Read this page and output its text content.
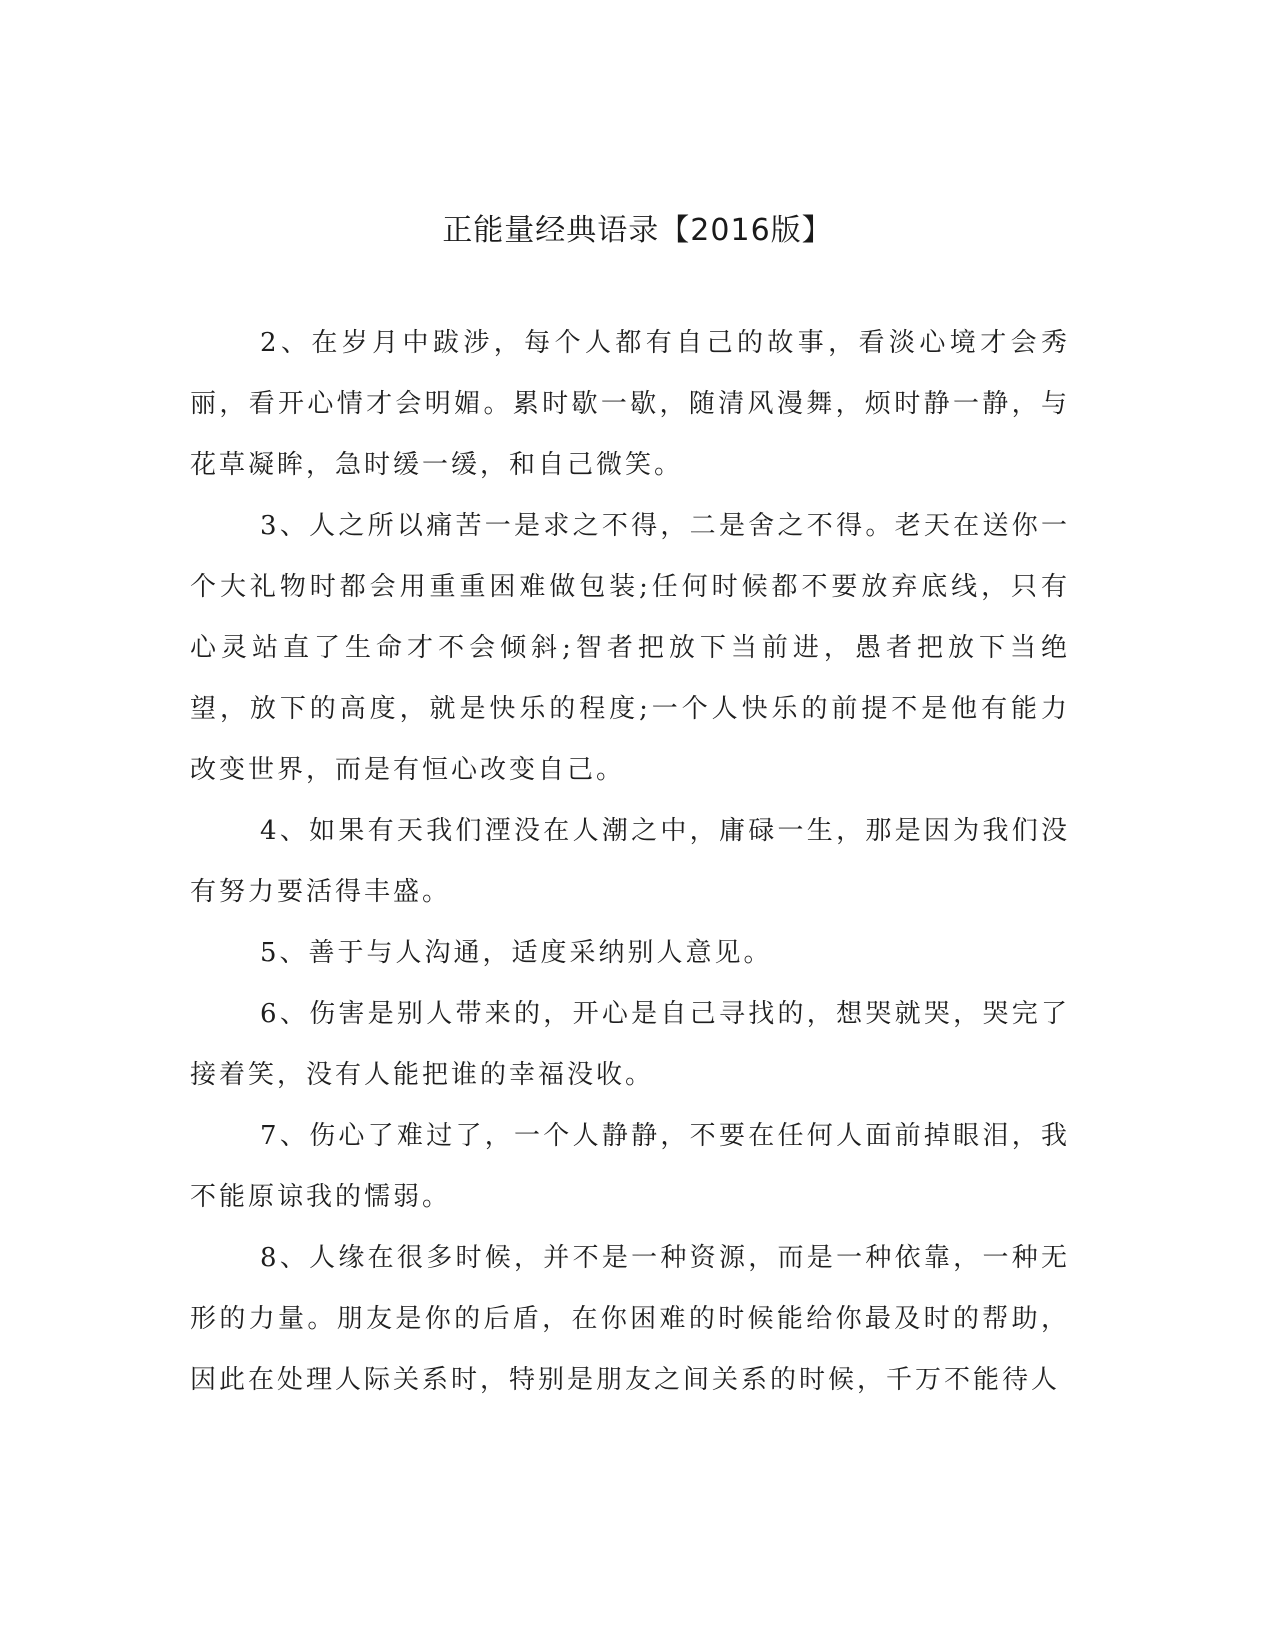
正能量经典语录【2016版】

2、在岁月中跋涉，每个人都有自己的故事，看淡心境才会秀丽，看开心情才会明媚。累时歇一歇，随清风漫舞，烦时静一静，与花草凝眸，急时缓一缓，和自己微笑。

3、人之所以痛苦一是求之不得，二是舍之不得。老天在送你一个大礼物时都会用重重困难做包装;任何时候都不要放弃底线，只有心灵站直了生命才不会倾斜;智者把放下当前进，愚者把放下当绝望，放下的高度，就是快乐的程度;一个人快乐的前提不是他有能力改变世界，而是有恒心改变自己。

4、如果有天我们湮没在人潮之中，庸碌一生，那是因为我们没有努力要活得丰盛。

5、善于与人沟通，适度采纳别人意见。

6、伤害是别人带来的，开心是自己寻找的，想哭就哭，哭完了接着笑，没有人能把谁的幸福没收。

7、伤心了难过了，一个人静静，不要在任何人面前掉眼泪，我不能原谅我的懦弱。

8、人缘在很多时候，并不是一种资源，而是一种依靠，一种无形的力量。朋友是你的后盾，在你困难的时候能给你最及时的帮助，因此在处理人际关系时，特别是朋友之间关系的时候，千万不能待人
